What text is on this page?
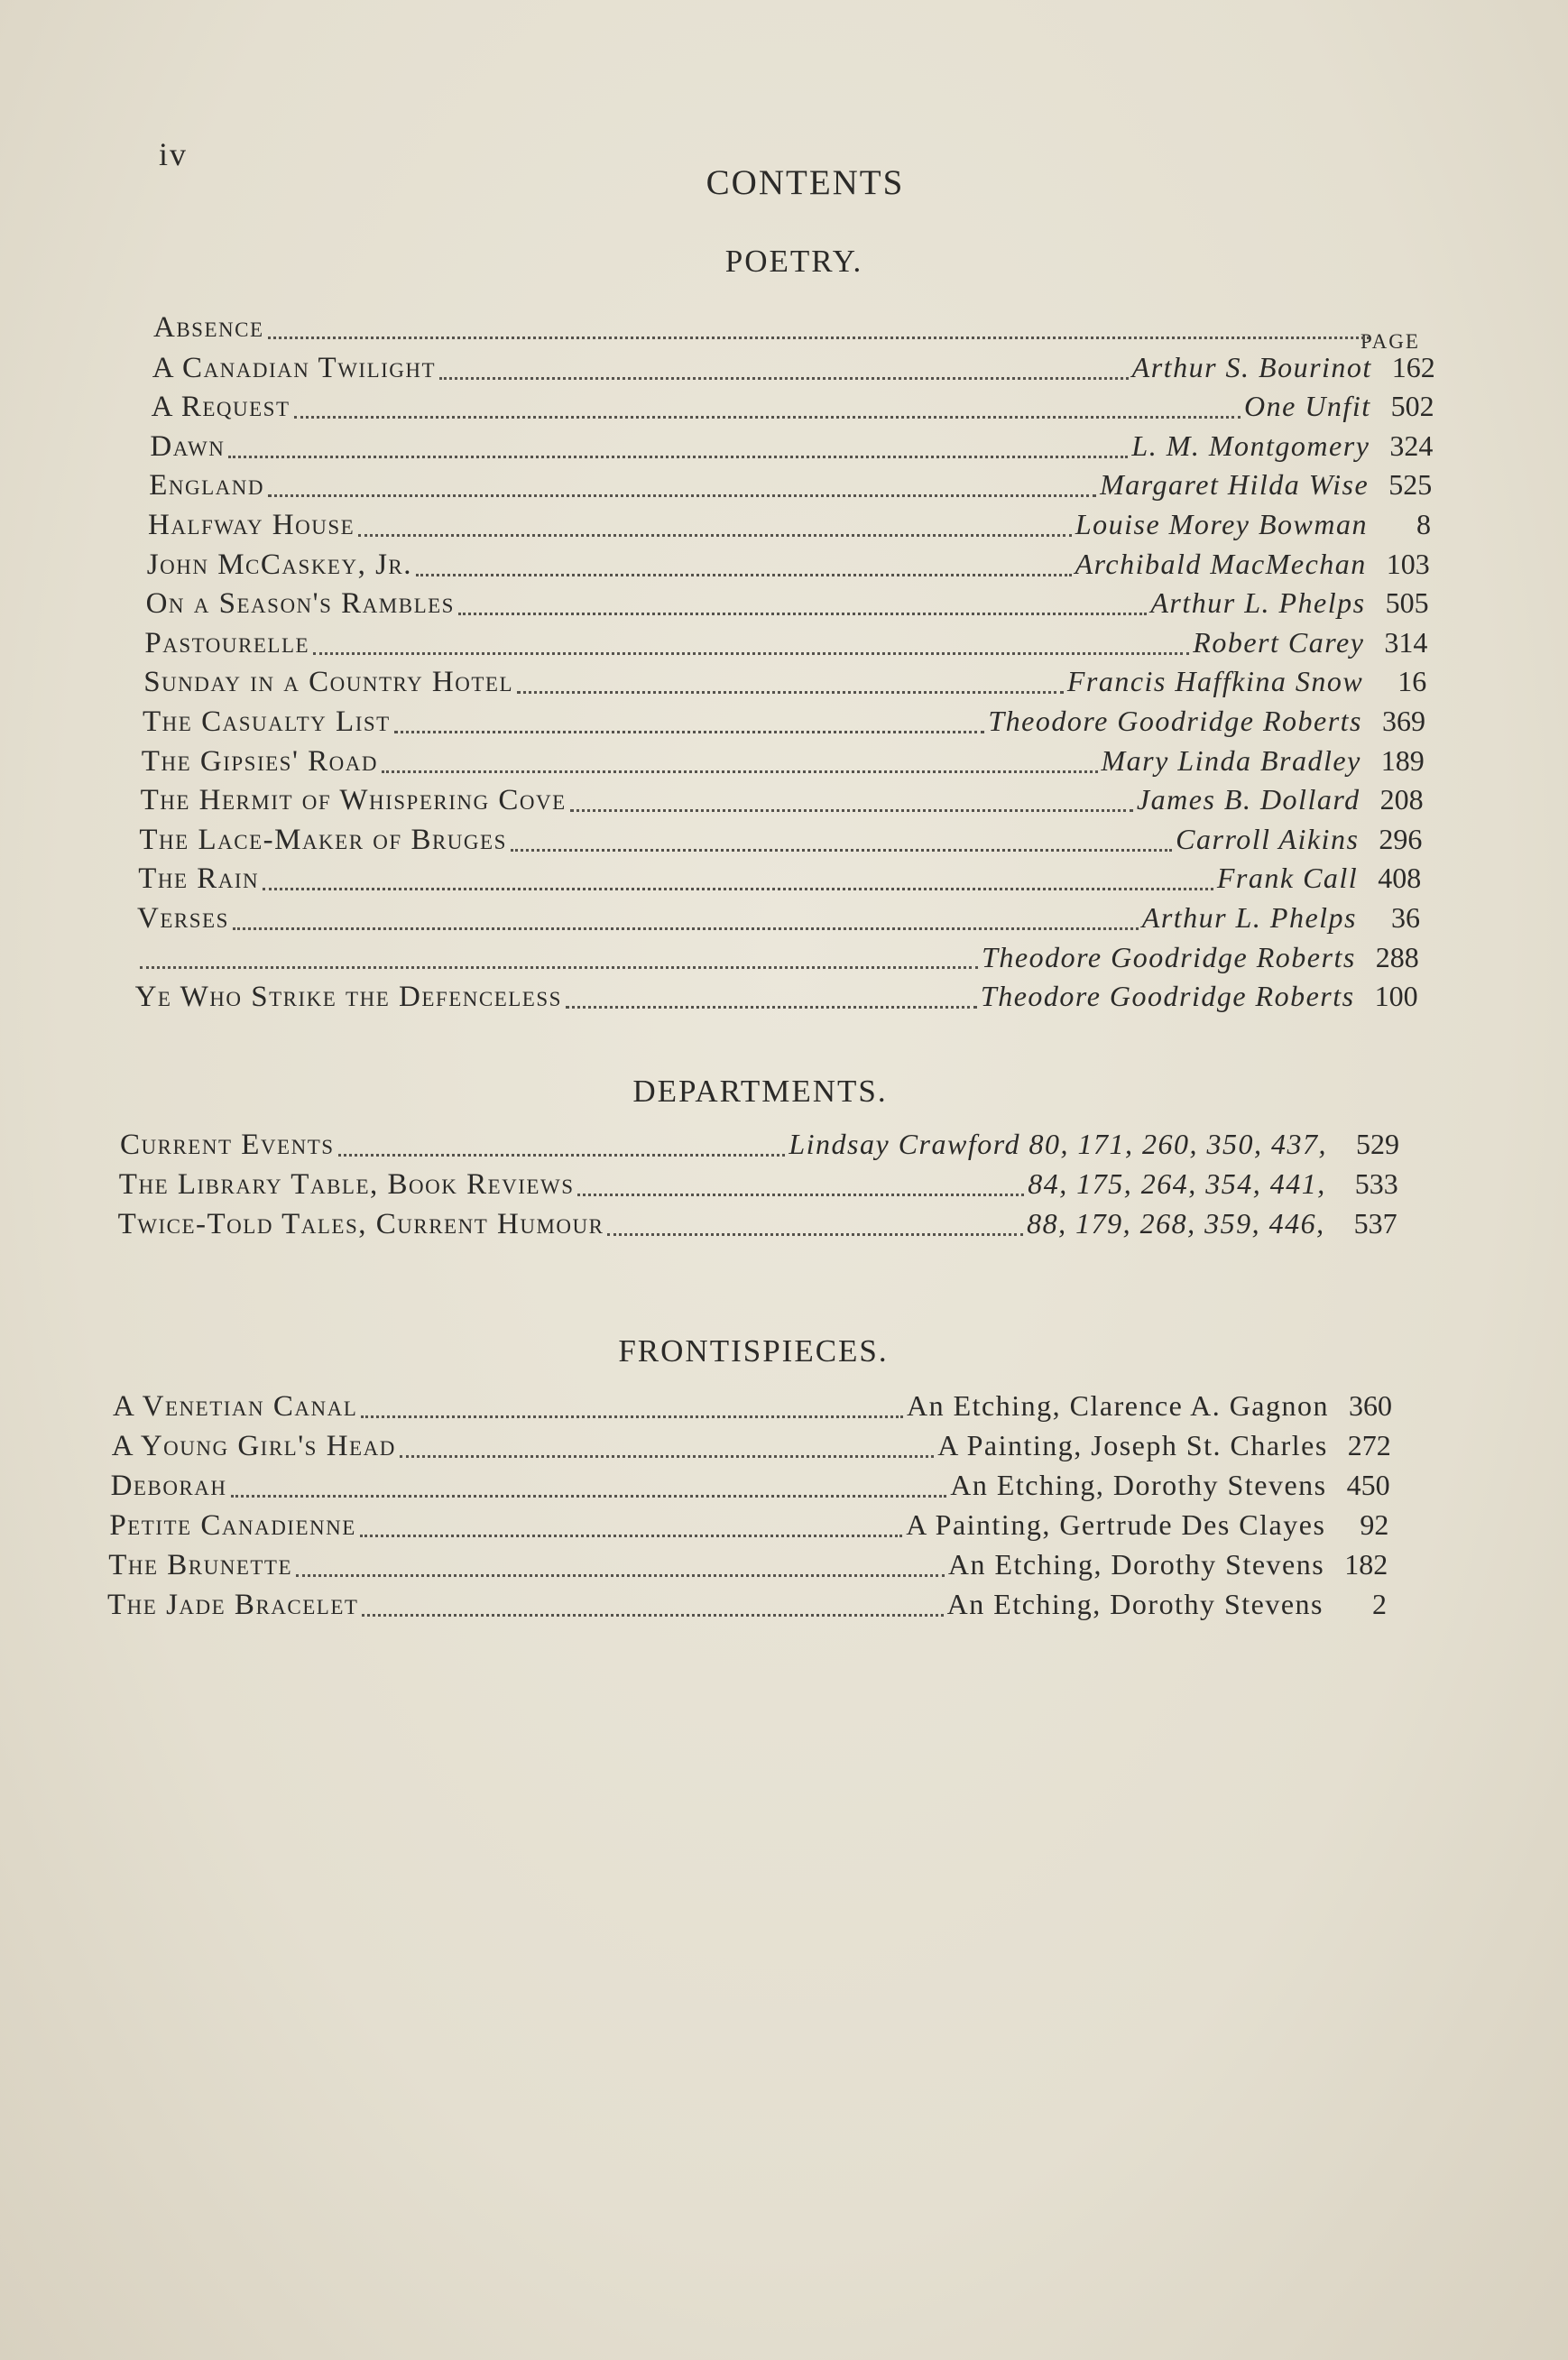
iv
CONTENTS
POETRY.
PAGE
Absence
A Canadian Twilight	Arthur S. Bourinot 162
A Request	One Unfit 502
Dawn	L. M. Montgomery 324
England	Margaret Hilda Wise 525
Halfway House	Louise Morey Bowman	8
John McCaskey, Jr.	Archibald MacMechan 103
On a Season's Rambles	Arthur L. Phelps 505
Pastourelle	Robert Carey 314
Sunday in a Country Hotel	Francis Haffkina Snow	16
The Casualty List	Theodore Goodridge Roberts 369
The Gipsies' Road	Mary Linda Bradley 189
The Hermit of Whispering Cove	James B. Dollard 208
The Lace-Maker of Bruges	Carroll Aikins 296
The Rain	Frank Call 408
Verses	Arthur L. Phelps	36
Theodore Goodridge Roberts 288
Ye Who Strike the Defenceless	Theodore Goodridge Roberts 100
DEPARTMENTS.
Current Events	Lindsay Crawford 80, 171, 260, 350, 437,	529
The Library Table, Book Reviews	84, 175, 264, 354, 441,	533
Twice-Told Tales, Current Humour	88, 179, 268, 359, 446,	537
FRONTISPIECES.
A Venetian Canal	An Etching, Clarence A. Gagnon 360
A Young Girl's Head	A Painting, Joseph St. Charles 272
Deborah	An Etching, Dorothy Stevens 450
Petite Canadienne	A Painting, Gertrude Des Clayes	92
The Brunette	An Etching, Dorothy Stevens 182
The Jade Bracelet	An Etching, Dorothy Stevens	2
